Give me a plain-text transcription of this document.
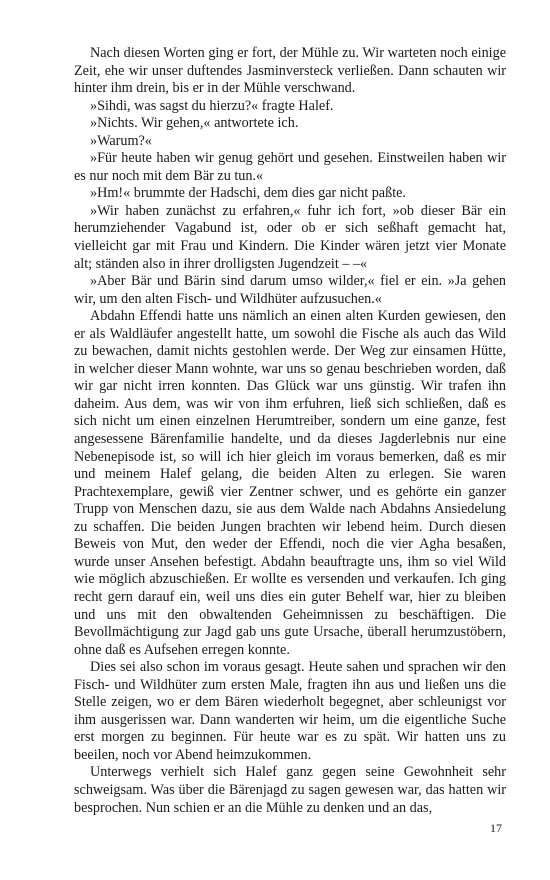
Nach diesen Worten ging er fort, der Mühle zu. Wir warteten noch einige Zeit, ehe wir unser duftendes Jasminversteck verließen. Dann schauten wir hinter ihm drein, bis er in der Mühle verschwand.

»Sihdi, was sagst du hierzu?« fragte Halef.

»Nichts. Wir gehen,« antwortete ich.

»Warum?«

»Für heute haben wir genug gehört und gesehen. Einstweilen haben wir es nur noch mit dem Bär zu tun.«

»Hm!« brummte der Hadschi, dem dies gar nicht paßte.

»Wir haben zunächst zu erfahren,« fuhr ich fort, »ob dieser Bär ein herumziehender Vagabund ist, oder ob er sich seßhaft gemacht hat, vielleicht gar mit Frau und Kindern. Die Kinder wären jetzt vier Monate alt; ständen also in ihrer drolligsten Jugendzeit – –«

»Aber Bär und Bärin sind darum umso wilder,« fiel er ein. »Ja gehen wir, um den alten Fisch- und Wildhüter aufzusuchen.«

Abdahn Effendi hatte uns nämlich an einen alten Kurden gewiesen, den er als Waldläufer angestellt hatte, um sowohl die Fische als auch das Wild zu bewachen, damit nichts gestohlen werde. Der Weg zur einsamen Hütte, in welcher dieser Mann wohnte, war uns so genau beschrieben worden, daß wir gar nicht irren konnten. Das Glück war uns günstig. Wir trafen ihn daheim. Aus dem, was wir von ihm erfuhren, ließ sich schließen, daß es sich nicht um einen einzelnen Herumtreiber, sondern um eine ganze, fest angesessene Bärenfamilie handelte, und da dieses Jagderlebnis nur eine Nebenepisode ist, so will ich hier gleich im voraus bemerken, daß es mir und meinem Halef gelang, die beiden Alten zu erlegen. Sie waren Prachtexemplare, gewiß vier Zentner schwer, und es gehörte ein ganzer Trupp von Menschen dazu, sie aus dem Walde nach Abdahns Ansiedelung zu schaffen. Die beiden Jungen brachten wir lebend heim. Durch diesen Beweis von Mut, den weder der Effendi, noch die vier Agha besaßen, wurde unser Ansehen befestigt. Abdahn beauftragte uns, ihm so viel Wild wie möglich abzuschießen. Er wollte es versenden und verkaufen. Ich ging recht gern darauf ein, weil uns dies ein guter Behelf war, hier zu bleiben und uns mit den obwaltenden Geheimnissen zu beschäftigen. Die Bevollmächtigung zur Jagd gab uns gute Ursache, überall herumzustöbern, ohne daß es Aufsehen erregen konnte.

Dies sei also schon im voraus gesagt. Heute sahen und sprachen wir den Fisch- und Wildhüter zum ersten Male, fragten ihn aus und ließen uns die Stelle zeigen, wo er dem Bären wiederholt begegnet, aber schleunigst vor ihm ausgerissen war. Dann wanderten wir heim, um die eigentliche Suche erst morgen zu beginnen. Für heute war es zu spät. Wir hatten uns zu beeilen, noch vor Abend heimzukommen.

Unterwegs verhielt sich Halef ganz gegen seine Gewohnheit sehr schweigsam. Was über die Bärenjagd zu sagen gewesen war, das hatten wir besprochen. Nun schien er an die Mühle zu denken und an das,

17
